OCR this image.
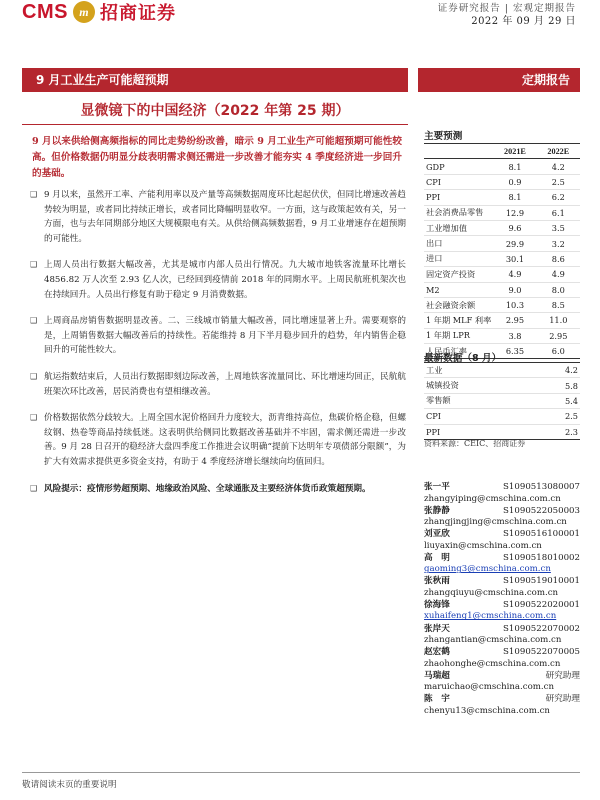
CMS m 招商证券	证券研究报告 | 宏观定期报告
2022 年 09 月 29 日
9 月工业生产可能超预期	定期报告
显微镜下的中国经济（2022 年第 25 期）
9 月以来供给侧高频指标的同比走势纷纷改善，暗示 9 月工业生产可能超预期可能性较高。但价格数据仍明显分歧表明需求侧还需进一步改善才能夯实 4 季度经济进一步回升的基础。
❑ 9 月以来，虽然开工率、产能利用率以及产量等高频数据周度环比起起伏伏，但同比增速改善趋势较为明显，或者同比持续正增长，或者同比降幅明显收窄。一方面，这与政策起效有关，另一方面，也与去年同期部分地区大规模限电有关。从供给侧高频数据看，9 月工业增速存在超预期的可能性。
❑ 上周人员出行数据大幅改善，尤其是城市内部人员出行情况。九大城市地铁客流量环比增长 4856.82 万人次至 2.93 亿人次，已经回到疫情前 2018 年的同期水平。上周民航班机架次也在持续回升。人员出行修复有助于稳定 9 月消费数据。
❑ 上周商品房销售数据明显改善。二、三线城市销量大幅改善，同比增速显著上升。需要观察的是，上周销售数据大幅改善后的持续性。若能维持 8 月下半月稳步回升的趋势，年内销售企稳回升的可能性较大。
❑ 航运指数结束后，人员出行数据即刻边际改善，上周地铁客流量同比、环比增速均回正，民航航班架次环比改善，居民消费也有望相继改善。
❑ 价格数据依然分歧较大。上周全国水泥价格回升力度较大，沥青维持高位，焦碳价格企稳，但螺纹钢、热卷等商品持续低迷。这表明供给侧同比数据改善基础并不牢固，需求侧还需进一步改善。9 月 28 日召开的稳经济大盘四季度工作推进会议明确“提前下达明年专项债部分限额”，为扩大有效需求提供更多资金支持，有助于 4 季度经济增长继续向均值回归。
❑ 风险提示：疫情形势超预期、地缘政治风险、全球通胀及主要经济体货币政策超预期。
主要预测
	2021E	2022E
GDP	8.1	4.2
CPI	0.9	2.5
PPI	8.1	6.2
社会消费品零售	12.9	6.1
工业增加值	9.6	3.5
出口	29.9	3.2
进口	30.1	8.6
固定资产投资	4.9	4.9
M2	9.0	8.0
社会融资余额	10.3	8.5
1 年期 MLF 利率	2.95	11.0
1 年期 LPR	3.8	2.95
人民币汇率	6.35	6.0
最新数据（8 月）
工业	4.2
城镇投资	5.8
零售额	5.4
CPI	2.5
PPI	2.3
资料来源：CEIC、招商证券
张一平	S1090513080007
zhangyiping@cmschina.com.cn
张静静	S1090522050003
zhangjingjing@cmschina.com.cn
刘亚欣	S1090516100001
liuyaxin@cmschina.com.cn
高　明	S1090518010002
gaoming3@cmschina.com.cn
张秋雨	S1090519010001
zhangqiuyu@cmschina.com.cn
徐海锋	S1090522020001
xuhaifeng1@cmschina.com.cn
张岸天	S1090522070002
zhangantian@cmschina.com.cn
赵宏鹤	S1090522070005
zhaohonghe@cmschina.com.cn
马瑞超	研究助理
maruichao@cmschina.com.cn
陈　宇	研究助理
chenyu13@cmschina.com.cn
敬请阅读末页的重要说明
